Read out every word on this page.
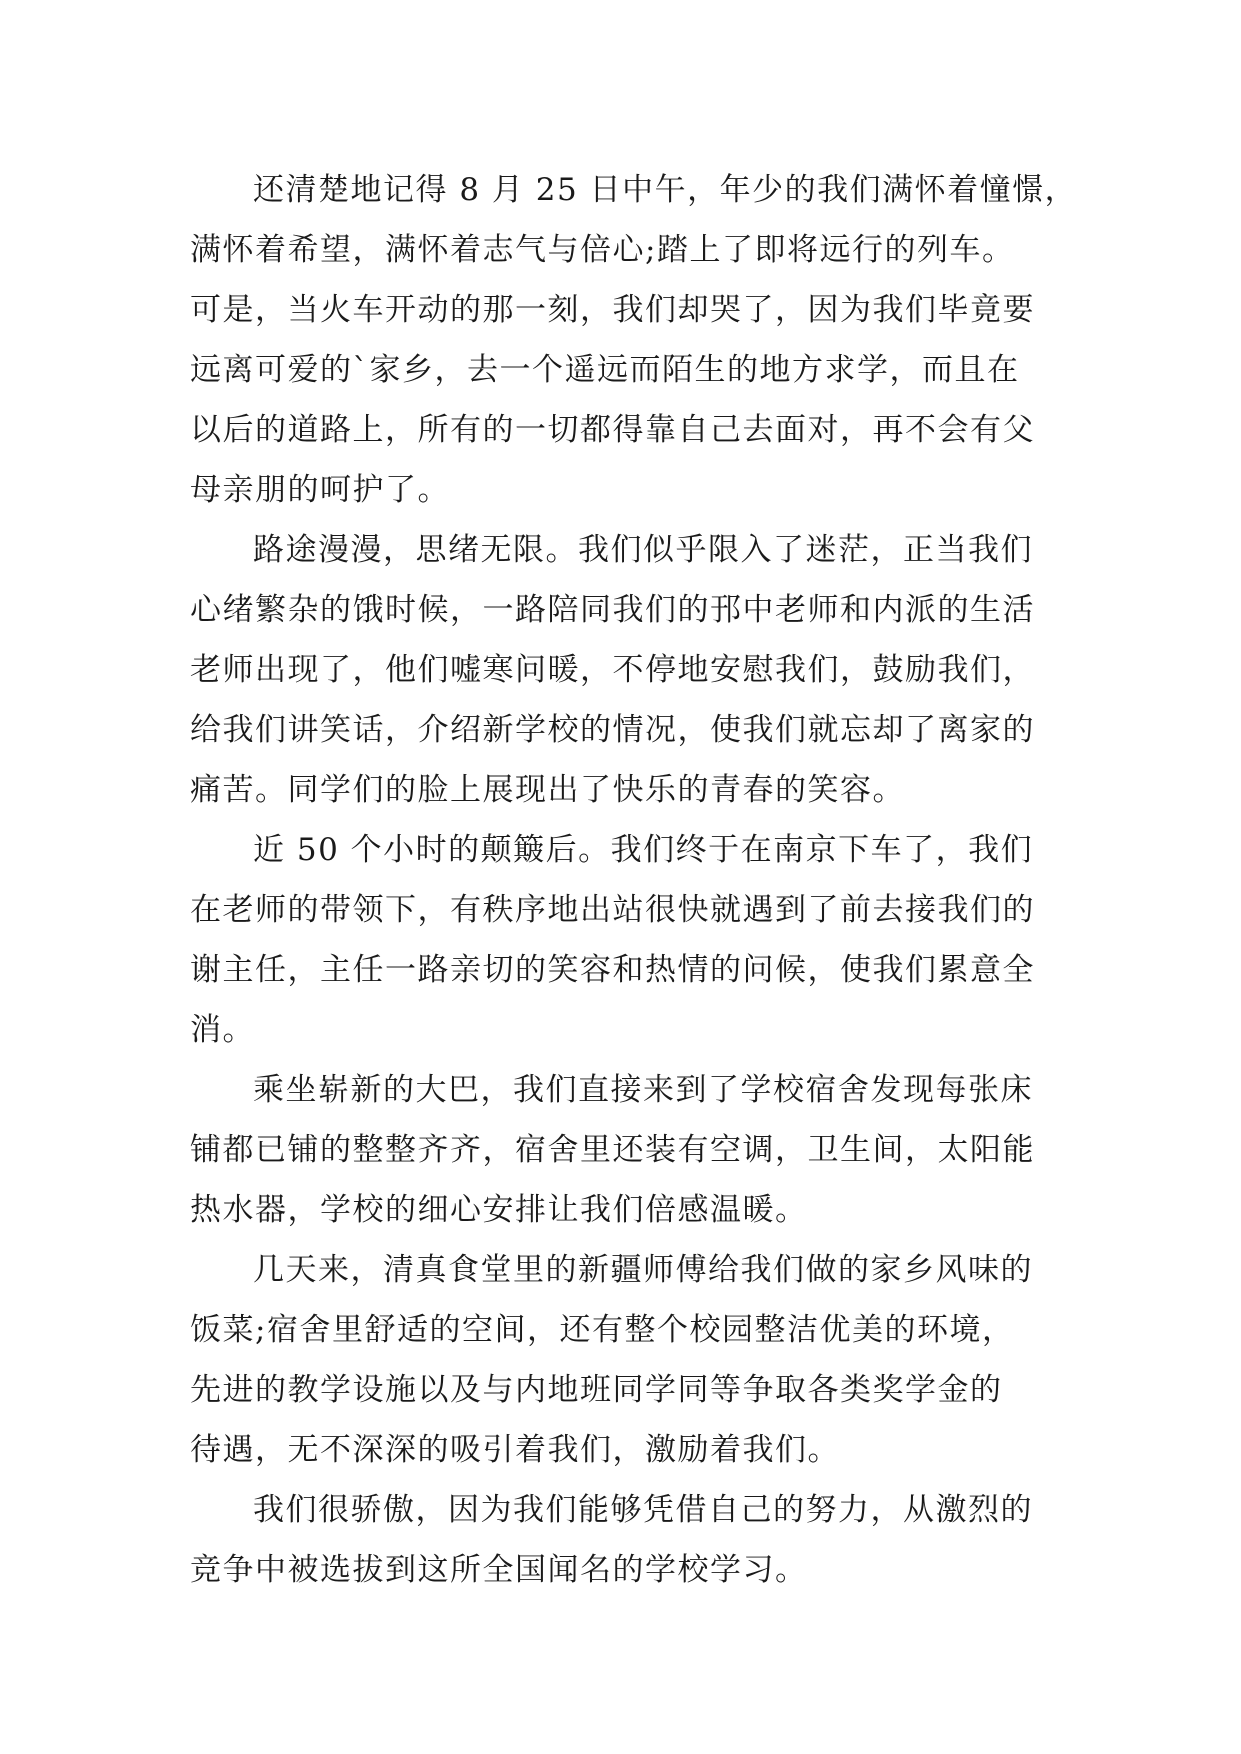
还清楚地记得 8 月 25 日中午，年少的我们满怀着憧憬，
满怀着希望，满怀着志气与倍心;踏上了即将远行的列车。
可是，当火车开动的那一刻，我们却哭了，因为我们毕竟要
远离可爱的`家乡，去一个遥远而陌生的地方求学，而且在
以后的道路上，所有的一切都得靠自己去面对，再不会有父
母亲朋的呵护了。
路途漫漫，思绪无限。我们似乎限入了迷茫，正当我们
心绪繁杂的饿时候，一路陪同我们的邘中老师和内派的生活
老师出现了，他们嘘寒问暖，不停地安慰我们，鼓励我们，
给我们讲笑话，介绍新学校的情况，使我们就忘却了离家的
痛苦。同学们的脸上展现出了快乐的青春的笑容。
近 50 个小时的颠簸后。我们终于在南京下车了，我们
在老师的带领下，有秩序地出站很快就遇到了前去接我们的
谢主任，主任一路亲切的笑容和热情的问候，使我们累意全
消。
乘坐崭新的大巴，我们直接来到了学校宿舍发现每张床
铺都已铺的整整齐齐，宿舍里还装有空调，卫生间，太阳能
热水器，学校的细心安排让我们倍感温暖。
几天来，清真食堂里的新疆师傅给我们做的家乡风味的
饭菜;宿舍里舒适的空间，还有整个校园整洁优美的环境，
先进的教学设施以及与内地班同学同等争取各类奖学金的
待遇，无不深深的吸引着我们，激励着我们。
我们很骄傲，因为我们能够凭借自己的努力，从激烈的
竞争中被选拔到这所全国闻名的学校学习。
